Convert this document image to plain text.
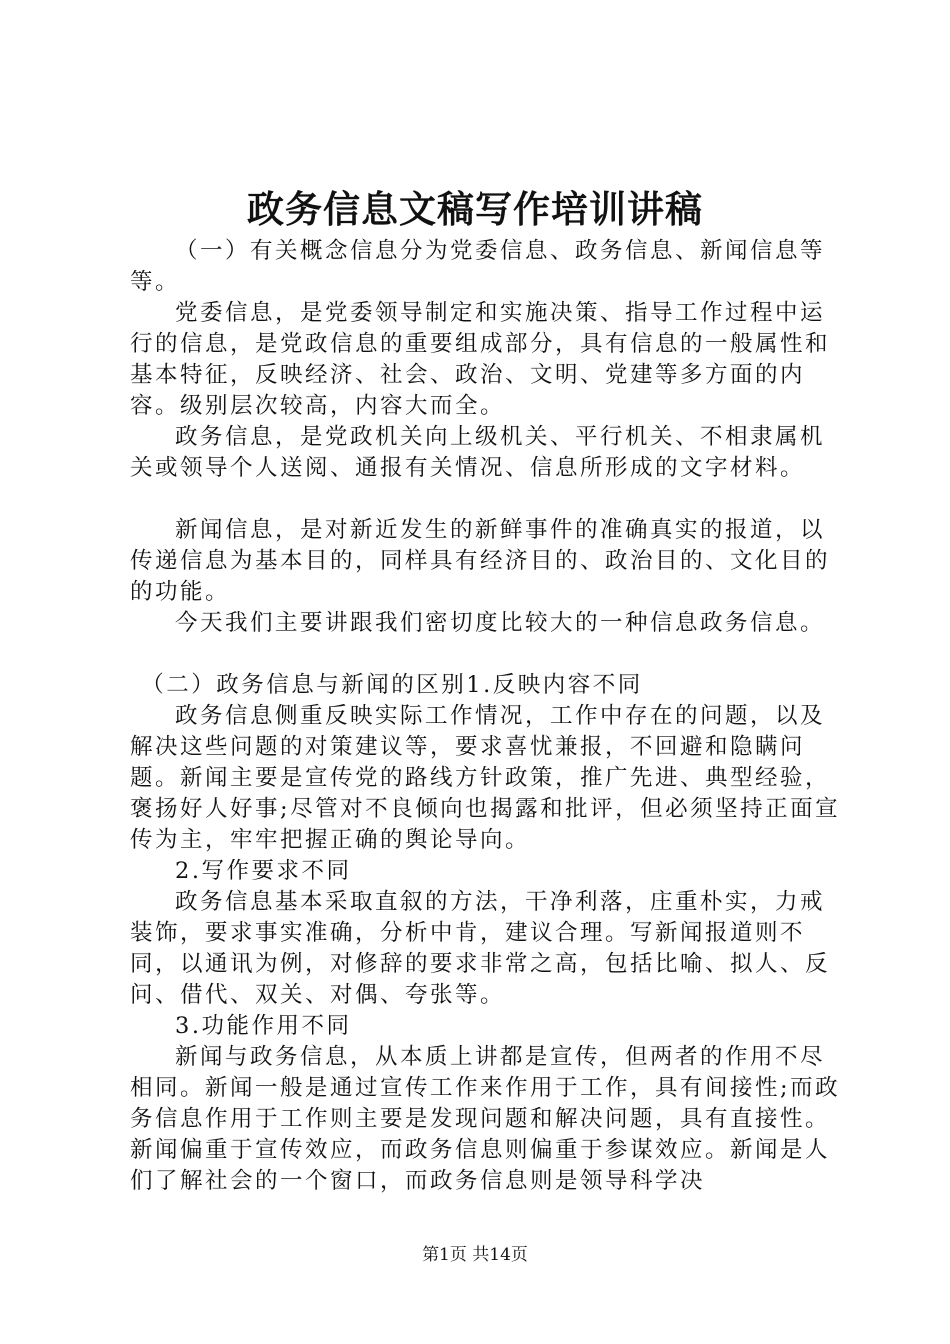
政务信息文稿写作培训讲稿

（一）有关概念信息分为党委信息、政务信息、新闻信息等等。

党委信息，是党委领导制定和实施决策、指导工作过程中运行的信息，是党政信息的重要组成部分，具有信息的一般属性和基本特征，反映经济、社会、政治、文明、党建等多方面的内容。级别层次较高，内容大而全。

政务信息，是党政机关向上级机关、平行机关、不相隶属机关或领导个人送阅、通报有关情况、信息所形成的文字材料。

新闻信息，是对新近发生的新鲜事件的准确真实的报道，以传递信息为基本目的，同样具有经济目的、政治目的、文化目的的功能。

今天我们主要讲跟我们密切度比较大的一种信息政务信息。

（二）政务信息与新闻的区别1.反映内容不同

政务信息侧重反映实际工作情况，工作中存在的问题，以及解决这些问题的对策建议等，要求喜忧兼报，不回避和隐瞒问题。新闻主要是宣传党的路线方针政策，推广先进、典型经验，褒扬好人好事;尽管对不良倾向也揭露和批评，但必须坚持正面宣传为主，牢牢把握正确的舆论导向。

2.写作要求不同

政务信息基本采取直叙的方法，干净利落，庄重朴实，力戒装饰，要求事实准确，分析中肯，建议合理。写新闻报道则不同，以通讯为例，对修辞的要求非常之高，包括比喻、拟人、反问、借代、双关、对偶、夸张等。

3.功能作用不同

新闻与政务信息，从本质上讲都是宣传，但两者的作用不尽相同。新闻一般是通过宣传工作来作用于工作，具有间接性;而政务信息作用于工作则主要是发现问题和解决问题，具有直接性。新闻偏重于宣传效应，而政务信息则偏重于参谋效应。新闻是人们了解社会的一个窗口，而政务信息则是领导科学决

第1页 共14页
